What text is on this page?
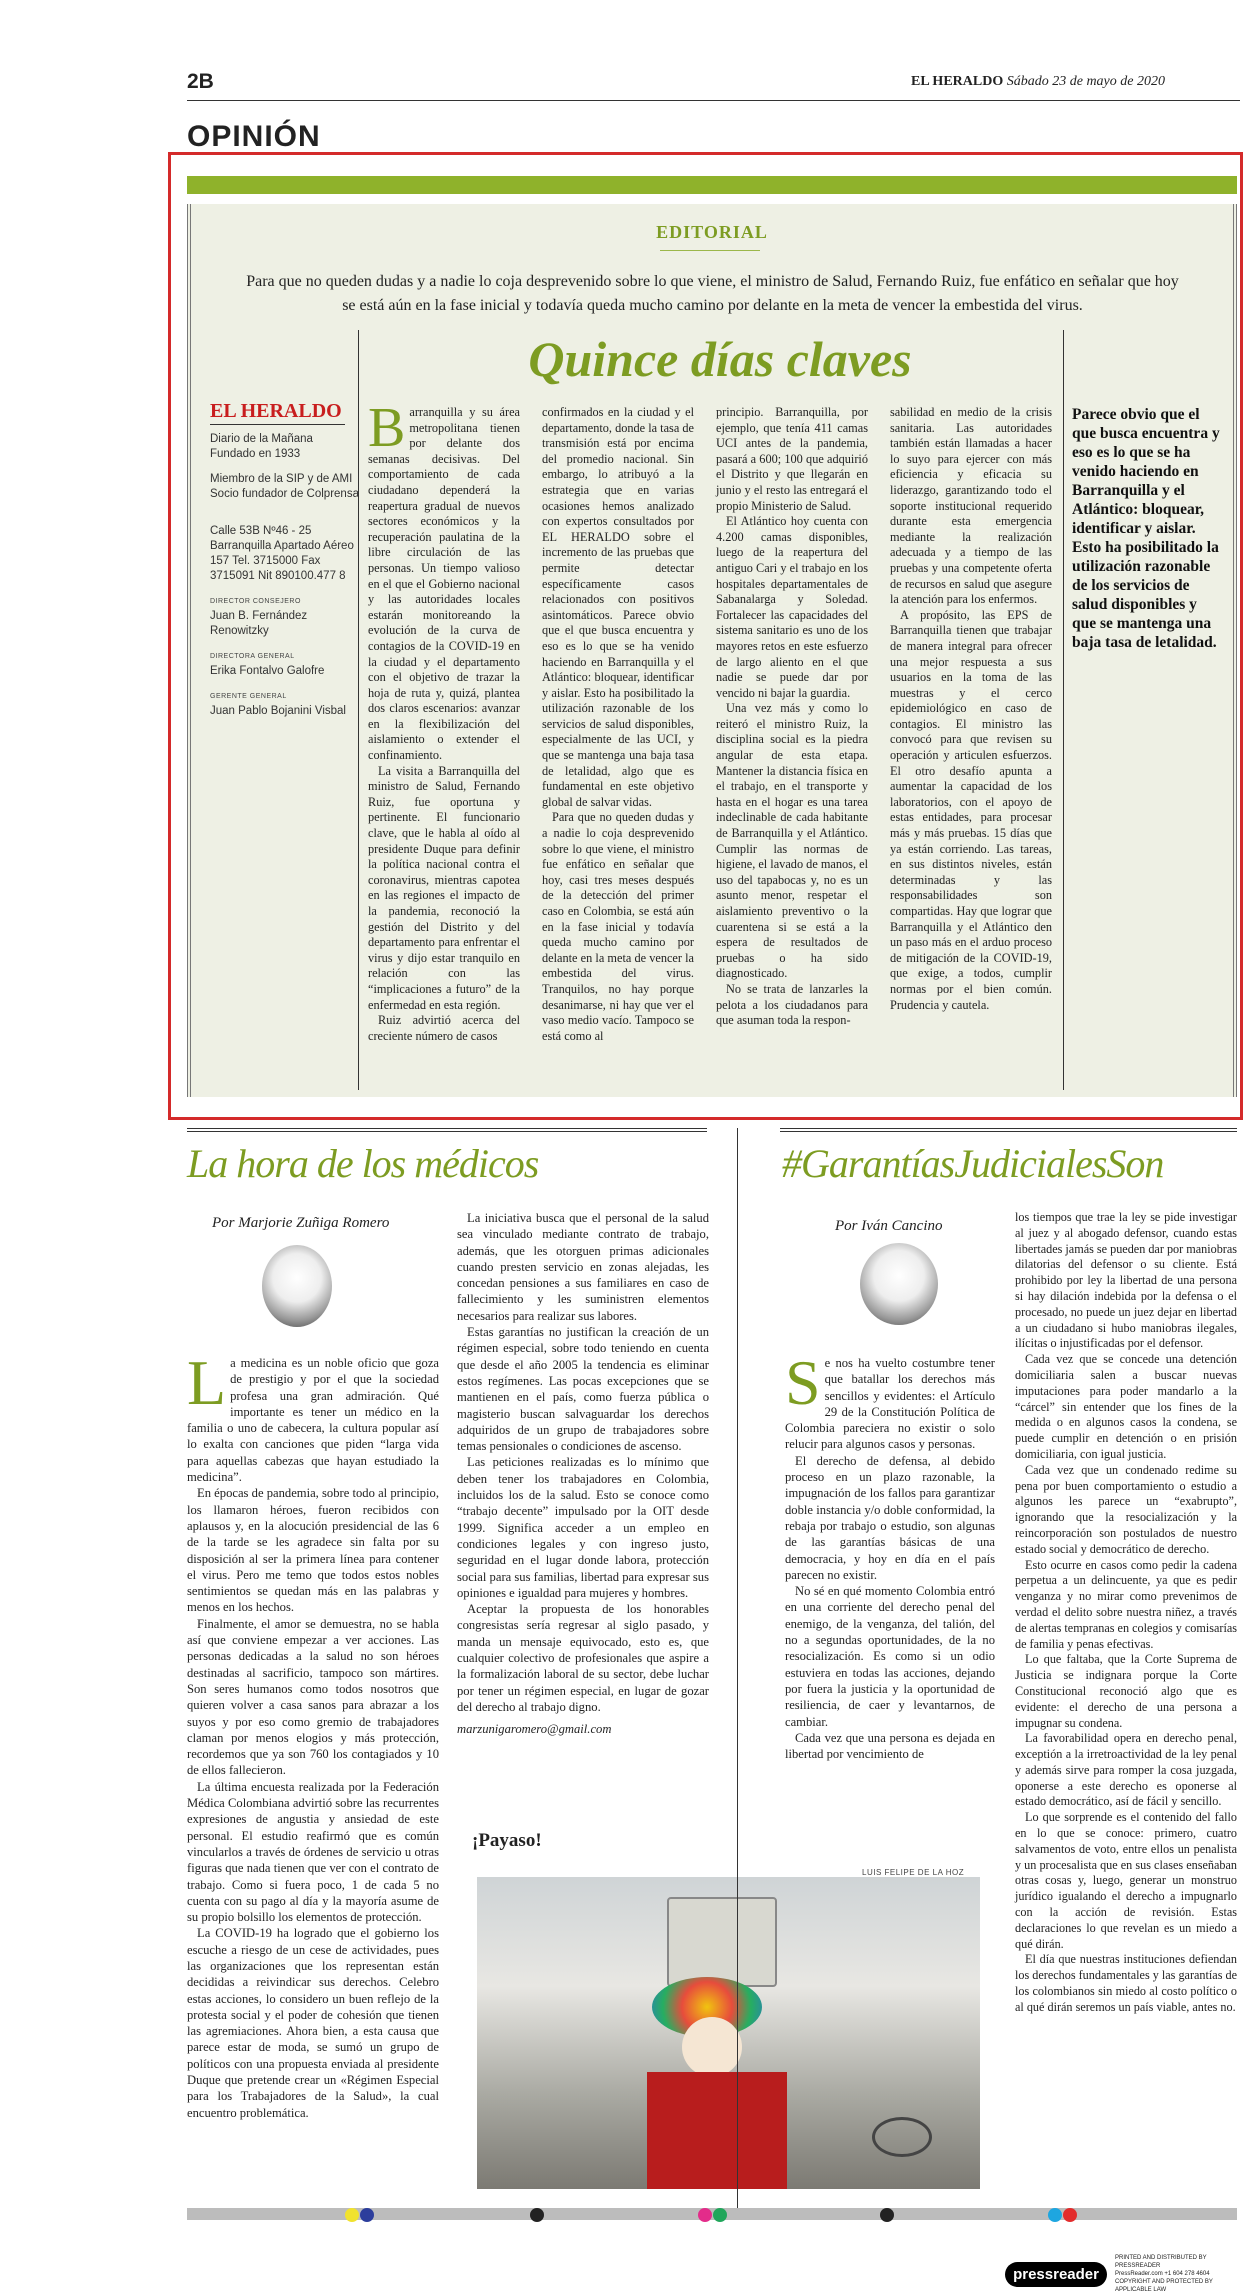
2B	EL HERALDO Sábado 23 de mayo de 2020
OPINIÓN
EDITORIAL
Para que no queden dudas y a nadie lo coja desprevenido sobre lo que viene, el ministro de Salud, Fernando Ruiz, fue enfático en señalar que hoy se está aún en la fase inicial y todavía queda mucho camino por delante en la meta de vencer la embestida del virus.
Quince días claves
EL HERALDO

Diario de la Mañana Fundado en 1933

Miembro de la SIP y de AMI Socio fundador de Colprensa

Calle 53B Nº46 - 25 Barranquilla Apartado Aéreo 157 Tel. 3715000 Fax 3715091 Nit 890100.477 8

DIRECTOR CONSEJERO

Juan B. Fernández Renowitzky

DIRECTORA GENERAL

Erika Fontalvo Galofre

GERENTE GENERAL

Juan Pablo Bojanini Visbal

Barranquilla y su área metropolitana tienen por delante dos semanas decisivas. Del comportamiento de cada ciudadano dependerá la reapertura gradual de nuevos sectores económicos y la recuperación paulatina de la libre circulación de las personas. Un tiempo valioso en el que el Gobierno nacional y las autoridades locales estarán monitoreando la evolución de la curva de contagios de la COVID-19 en la ciudad y el departamento con el objetivo de trazar la hoja de ruta y, quizá, plantea dos claros escenarios: avanzar en la flexibilización del aislamiento o extender el confinamiento.

La visita a Barranquilla del ministro de Salud, Fernando Ruiz, fue oportuna y pertinente. El funcionario clave, que le habla al oído al presidente Duque para definir la política nacional contra el coronavirus, mientras capotea en las regiones el impacto de la pandemia, reconoció la gestión del Distrito y del departamento para enfrentar el virus y dijo estar tranquilo en relación con las “implicaciones a futuro” de la enfermedad en esta región.

Ruiz advirtió acerca del creciente número de casos

confirmados en la ciudad y el departamento, donde la tasa de transmisión está por encima del promedio nacional. Sin embargo, lo atribuyó a la estrategia que en varias ocasiones hemos analizado con expertos consultados por EL HERALDO sobre el incremento de las pruebas que permite detectar específicamente casos relacionados con positivos asintomáticos. Parece obvio que el que busca encuentra y eso es lo que se ha venido haciendo en Barranquilla y el Atlántico: bloquear, identificar y aislar. Esto ha posibilitado la utilización razonable de los servicios de salud disponibles, especialmente de las UCI, y que se mantenga una baja tasa de letalidad, algo que es fundamental en este objetivo global de salvar vidas.

Para que no queden dudas y a nadie lo coja desprevenido sobre lo que viene, el ministro fue enfático en señalar que hoy, casi tres meses después de la detección del primer caso en Colombia, se está aún en la fase inicial y todavía queda mucho camino por delante en la meta de vencer la embestida del virus. Tranquilos, no hay porque desanimarse, ni hay que ver el vaso medio vacío. Tampoco se está como al

principio. Barranquilla, por ejemplo, que tenía 411 camas UCI antes de la pandemia, pasará a 600; 100 que adquirió el Distrito y que llegarán en junio y el resto las entregará el propio Ministerio de Salud.

El Atlántico hoy cuenta con 4.200 camas disponibles, luego de la reapertura del antiguo Cari y el trabajo en los hospitales departamentales de Sabanalarga y Soledad. Fortalecer las capacidades del sistema sanitario es uno de los mayores retos en este esfuerzo de largo aliento en el que nadie se puede dar por vencido ni bajar la guardia.

Una vez más y como lo reiteró el ministro Ruiz, la disciplina social es la piedra angular de esta etapa. Mantener la distancia física en el trabajo, en el transporte y hasta en el hogar es una tarea indeclinable de cada habitante de Barranquilla y el Atlántico. Cumplir las normas de higiene, el lavado de manos, el uso del tapabocas y, no es un asunto menor, respetar el aislamiento preventivo o la cuarentena si se está a la espera de resultados de pruebas o ha sido diagnosticado.

No se trata de lanzarles la pelota a los ciudadanos para que asuman toda la respon-

sabilidad en medio de la crisis sanitaria. Las autoridades también están llamadas a hacer lo suyo para ejercer con más eficiencia y eficacia su liderazgo, garantizando todo el soporte institucional requerido durante esta emergencia mediante la realización adecuada y a tiempo de las pruebas y una competente oferta de recursos en salud que asegure la atención para los enfermos.

A propósito, las EPS de Barranquilla tienen que trabajar de manera integral para ofrecer una mejor respuesta a sus usuarios en la toma de las muestras y el cerco epidemiológico en caso de contagios. El ministro las convocó para que revisen su operación y articulen esfuerzos. El otro desafío apunta a aumentar la capacidad de los laboratorios, con el apoyo de estas entidades, para procesar más y más pruebas. 15 días que ya están corriendo. Las tareas, en sus distintos niveles, están determinadas y las responsabilidades son compartidas. Hay que lograr que Barranquilla y el Atlántico den un paso más en el arduo proceso de mitigación de la COVID-19, que exige, a todos, cumplir normas por el bien común. Prudencia y cautela.

Parece obvio que el que busca encuentra y eso es lo que se ha venido haciendo en Barranquilla y el Atlántico: bloquear, identificar y aislar. Esto ha posibilitado la utilización razonable de los servicios de salud disponibles y que se mantenga una baja tasa de letalidad.
La hora de los médicos
Por Marjorie Zuñiga Romero
La medicina es un noble oficio que goza de prestigio y por el que la sociedad profesa una gran admiración. Qué importante es tener un médico en la familia o uno de cabecera, la cultura popular así lo exalta con canciones que piden “larga vida para aquellas cabezas que hayan estudiado la medicina”.

En épocas de pandemia, sobre todo al principio, los llamaron héroes, fueron recibidos con aplausos y, en la alocución presidencial de las 6 de la tarde se les agradece sin falta por su disposición al ser la primera línea para contener el virus. Pero me temo que todos estos nobles sentimientos se quedan más en las palabras y menos en los hechos.

Finalmente, el amor se demuestra, no se habla así que conviene empezar a ver acciones. Las personas dedicadas a la salud no son héroes destinadas al sacrificio, tampoco son mártires. Son seres humanos como todos nosotros que quieren volver a casa sanos para abrazar a los suyos y por eso como gremio de trabajadores claman por menos elogios y más protección, recordemos que ya son 760 los contagiados y 10 de ellos fallecieron.

La última encuesta realizada por la Federación Médica Colombiana advirtió sobre las recurrentes expresiones de angustia y ansiedad de este personal. El estudio reafirmó que es común vincularlos a través de órdenes de servicio u otras figuras que nada tienen que ver con el contrato de trabajo. Como si fuera poco, 1 de cada 5 no cuenta con su pago al día y la mayoría asume de su propio bolsillo los elementos de protección.

La COVID-19 ha logrado que el gobierno los escuche a riesgo de un cese de actividades, pues las organizaciones que los representan están decididas a reivindicar sus derechos. Celebro estas acciones, lo considero un buen reflejo de la protesta social y el poder de cohesión que tienen las agremiaciones. Ahora bien, a esta causa que parece estar de moda, se sumó un grupo de políticos con una propuesta enviada al presidente Duque que pretende crear un «Régimen Especial para los Trabajadores de la Salud», la cual encuentro problemática.

La iniciativa busca que el personal de la salud sea vinculado mediante contrato de trabajo, además, que les otorguen primas adicionales cuando presten servicio en zonas alejadas, les concedan pensiones a sus familiares en caso de fallecimiento y les suministren elementos necesarios para realizar sus labores.

Estas garantías no justifican la creación de un régimen especial, sobre todo teniendo en cuenta que desde el año 2005 la tendencia es eliminar estos regímenes. Las pocas excepciones que se mantienen en el país, como fuerza pública o magisterio buscan salvaguardar los derechos adquiridos de un grupo de trabajadores sobre temas pensionales o condiciones de ascenso.

Las peticiones realizadas es lo mínimo que deben tener los trabajadores en Colombia, incluidos los de la salud. Esto se conoce como “trabajo decente” impulsado por la OIT desde 1999. Significa acceder a un empleo en condiciones legales y con ingreso justo, seguridad en el lugar donde labora, protección social para sus familias, libertad para expresar sus opiniones e igualdad para mujeres y hombres.

Aceptar la propuesta de los honorables congresistas sería regresar al siglo pasado, y manda un mensaje equivocado, esto es, que cualquier colectivo de profesionales que aspire a la formalización laboral de su sector, debe luchar por tener un régimen especial, en lugar de gozar del derecho al trabajo digno.

marzunigaromero@gmail.com

¡Payaso!
LUIS FELIPE DE LA HOZ
#GarantíasJudicialesSon
Por Iván Cancino
Se nos ha vuelto costumbre tener que batallar los derechos más sencillos y evidentes: el Artículo 29 de la Constitución Política de Colombia pareciera no existir o solo relucir para algunos casos y personas.

El derecho de defensa, al debido proceso en un plazo razonable, la impugnación de los fallos para garantizar doble instancia y/o doble conformidad, la rebaja por trabajo o estudio, son algunas de las garantías básicas de una democracia, y hoy en día en el país parecen no existir.

No sé en qué momento Colombia entró en una corriente del derecho penal del enemigo, de la venganza, del talión, del no a segundas oportunidades, de la no resocialización. Es como si un odio estuviera en todas las acciones, dejando por fuera la justicia y la oportunidad de resiliencia, de caer y levantarnos, de cambiar.

Cada vez que una persona es dejada en libertad por vencimiento de

los tiempos que trae la ley se pide investigar al juez y al abogado defensor, cuando estas libertades jamás se pueden dar por maniobras dilatorias del defensor o su cliente. Está prohibido por ley la libertad de una persona si hay dilación indebida por la defensa o el procesado, no puede un juez dejar en libertad a un ciudadano si hubo maniobras ilegales, ilícitas o injustificadas por el defensor.

Cada vez que se concede una detención domiciliaria salen a buscar nuevas imputaciones para poder mandarlo a la “cárcel” sin entender que los fines de la medida o en algunos casos la condena, se puede cumplir en detención o en prisión domiciliaria, con igual justicia.

Cada vez que un condenado redime su pena por buen comportamiento o estudio a algunos les parece un “exabrupto”, ignorando que la resocialización y la reincorporación son postulados de nuestro estado social y democrático de derecho.

Esto ocurre en casos como pedir la cadena perpetua a un delincuente, ya que es pedir venganza y no mirar como prevenimos de verdad el delito sobre nuestra niñez, a través de alertas tempranas en colegios y comisarías de familia y penas efectivas.

Lo que faltaba, que la Corte Suprema de Justicia se indignara porque la Corte Constitucional reconoció algo que es evidente: el derecho de una persona a impugnar su condena.

La favorabilidad opera en derecho penal, exceptión a la irretroactividad de la ley penal y además sirve para romper la cosa juzgada, oponerse a este derecho es oponerse al estado democrático, así de fácil y sencillo.

Lo que sorprende es el contenido del fallo en lo que se conoce: primero, cuatro salvamentos de voto, entre ellos un penalista y un procesalista que en sus clases enseñaban otras cosas y, luego, generar un monstruo jurídico igualando el derecho a impugnarlo con la acción de revisión. Estas declaraciones lo que revelan es un miedo a qué dirán.

El día que nuestras instituciones defiendan los derechos fundamentales y las garantías de los colombianos sin miedo al costo político o al qué dirán seremos un país viable, antes no.

pressreader
PRINTED AND DISTRIBUTED BY PRESSREADER
PressReader.com +1 604 278 4604
COPYRIGHT AND PROTECTED BY APPLICABLE LAW
